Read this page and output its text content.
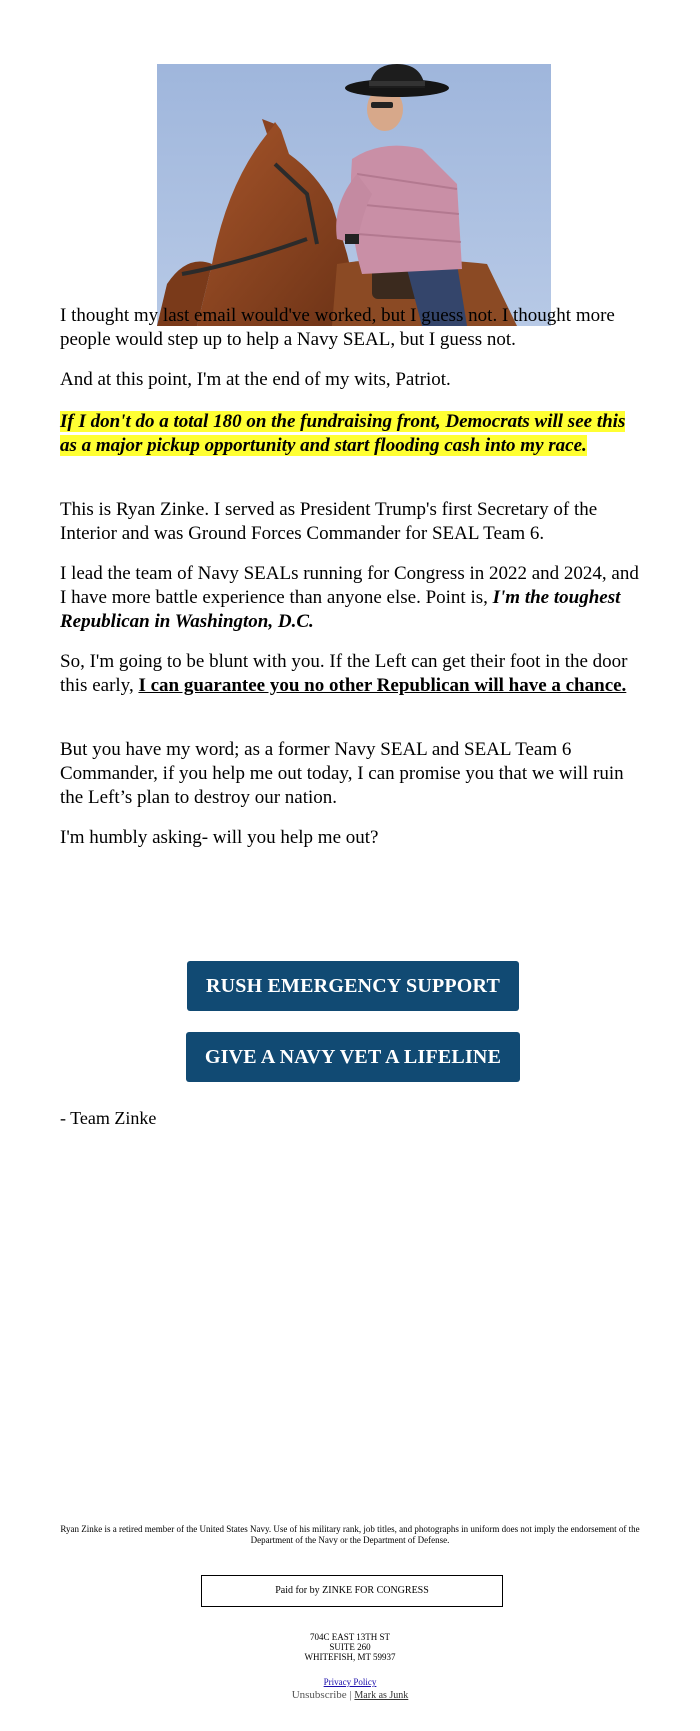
I thought my last email would've worked, but I guess not. I thought more people would step up to help a Navy SEAL, but I guess not.

And at this point, I'm at the end of my wits, Patriot.

If I don't do a total 180 on the fundraising front, Democrats will see this as a major pickup opportunity and start flooding cash into my race.

This is Ryan Zinke. I served as President Trump's first Secretary of the Interior and was Ground Forces Commander for SEAL Team 6.

I lead the team of Navy SEALs running for Congress in 2022 and 2024, and I have more battle experience than anyone else. Point is, I'm the toughest Republican in Washington, D.C.

So, I'm going to be blunt with you. If the Left can get their foot in the door this early, I can guarantee you no other Republican will have a chance.

But you have my word; as a former Navy SEAL and SEAL Team 6 Commander, if you help me out today, I can promise you that we will ruin the Left’s plan to destroy our nation.

I'm humbly asking- will you help me out?

RUSH EMERGENCY SUPPORT
GIVE A NAVY VET A LIFELINE

- Team Zinke

Ryan Zinke is a retired member of the United States Navy. Use of his military rank, job titles, and photographs in uniform does not imply the endorsement of the Department of the Navy or the Department of Defense.
Paid for by ZINKE FOR CONGRESS
704C EAST 13TH ST
SUITE 260
WHITEFISH, MT 59937
Privacy Policy
Unsubscribe | Mark as Junk
